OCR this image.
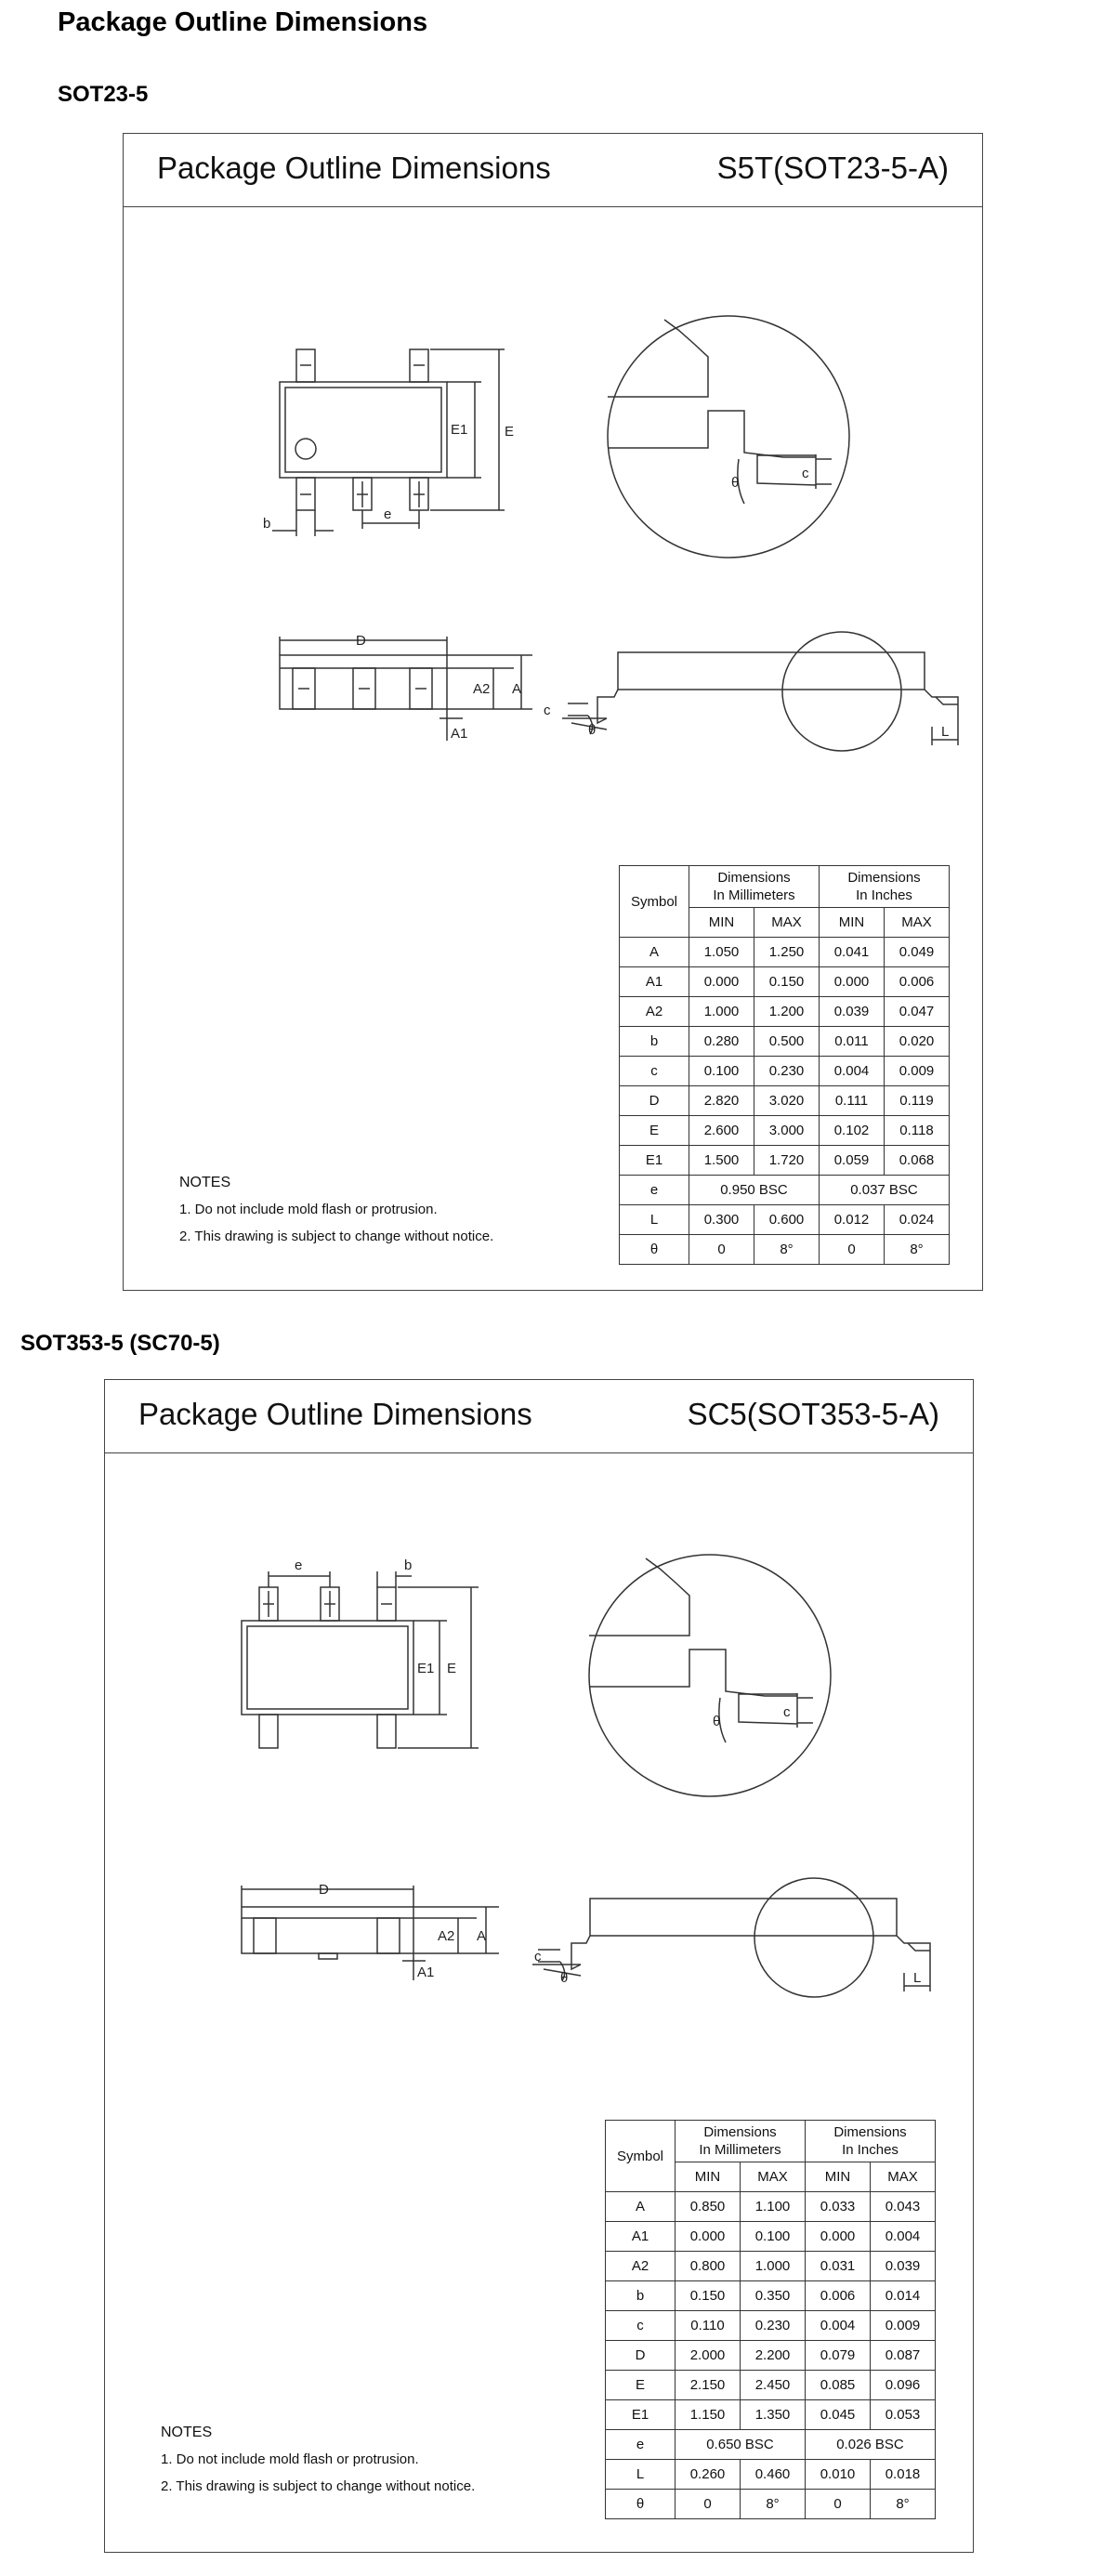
Package Outline Dimensions
SOT23-5
Package Outline Dimensions	S5T(SOT23-5-A)
E1	E
b
e
D
A2 A
A1
c
θ	L
c
θ
NOTES
1. Do not include mold flash or protrusion.
2. This drawing is subject to change without notice.
Symbol	Dimensions
In Millimeters		Dimensions
In Inches	
	MIN	MAX	MIN	MAX
A	1.050	1.250	0.041	0.049
A1	0.000	0.150	0.000	0.006
A2	1.000	1.200	0.039	0.047
b	0.280	0.500	0.011	0.020
c	0.100	0.230	0.004	0.009
D	2.820	3.020	0.111	0.119
E	2.600	3.000	0.102	0.118
E1	1.500	1.720	0.059	0.068
e	0.950 BSC		0.037 BSC	
L	0.300	0.600	0.012	0.024
θ	0	8°	0	8°
SOT353-5 (SC70-5)
Package Outline Dimensions	SC5(SOT353-5-A)
e	b
E1 E
D
A2 A
A1
c
θ	L
c
θ
NOTES
1. Do not include mold flash or protrusion.
2. This drawing is subject to change without notice.
Symbol	Dimensions
In Millimeters		Dimensions
In Inches	
	MIN	MAX	MIN	MAX
A	0.850	1.100	0.033	0.043
A1	0.000	0.100	0.000	0.004
A2	0.800	1.000	0.031	0.039
b	0.150	0.350	0.006	0.014
c	0.110	0.230	0.004	0.009
D	2.000	2.200	0.079	0.087
E	2.150	2.450	0.085	0.096
E1	1.150	1.350	0.045	0.053
e	0.650 BSC		0.026 BSC	
L	0.260	0.460	0.010	0.018
θ	0	8°	0	8°
